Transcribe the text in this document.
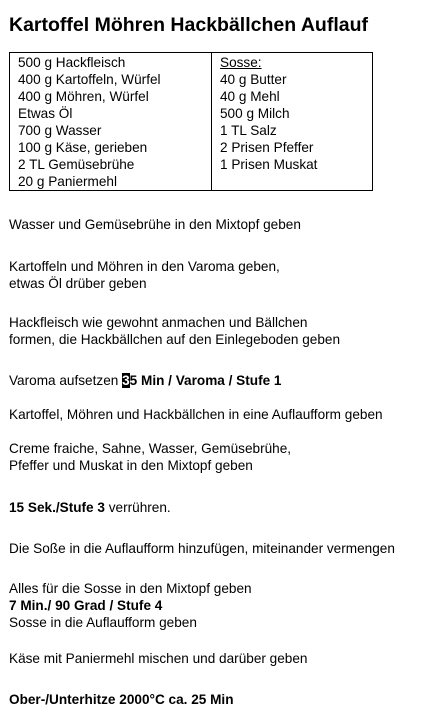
Kartoffel Möhren Hackbällchen Auflauf
500 g Hackfleisch
400 g Kartoffeln, Würfel
400 g Möhren, Würfel
Etwas Öl
700 g Wasser
100 g Käse, gerieben
2 TL Gemüsebrühe
20 g Paniermehl
Sosse:
40 g Butter
40 g Mehl
500 g Milch
1 TL Salz
2 Prisen Pfeffer
1 Prisen Muskat
Wasser und Gemüsebrühe in den Mixtopf geben
Kartoffeln und Möhren in den Varoma geben,
etwas Öl drüber geben
Hackfleisch wie gewohnt anmachen und Bällchen
formen, die Hackbällchen auf den Einlegeboden geben
Varoma aufsetzen 35 Min / Varoma / Stufe 1
Kartoffel, Möhren und Hackbällchen in eine Auflaufform geben
Creme fraiche, Sahne, Wasser, Gemüsebrühe,
Pfeffer und Muskat in den Mixtopf geben
15 Sek./Stufe 3 verrühren.
Die Soße in die Auflaufform hinzufügen, miteinander vermengen
Alles für die Sosse in den Mixtopf geben
7 Min./ 90 Grad / Stufe 4
Sosse in die Auflaufform geben
Käse mit Paniermehl mischen und darüber geben
Ober-/Unterhitze 2000°C ca. 25 Min
